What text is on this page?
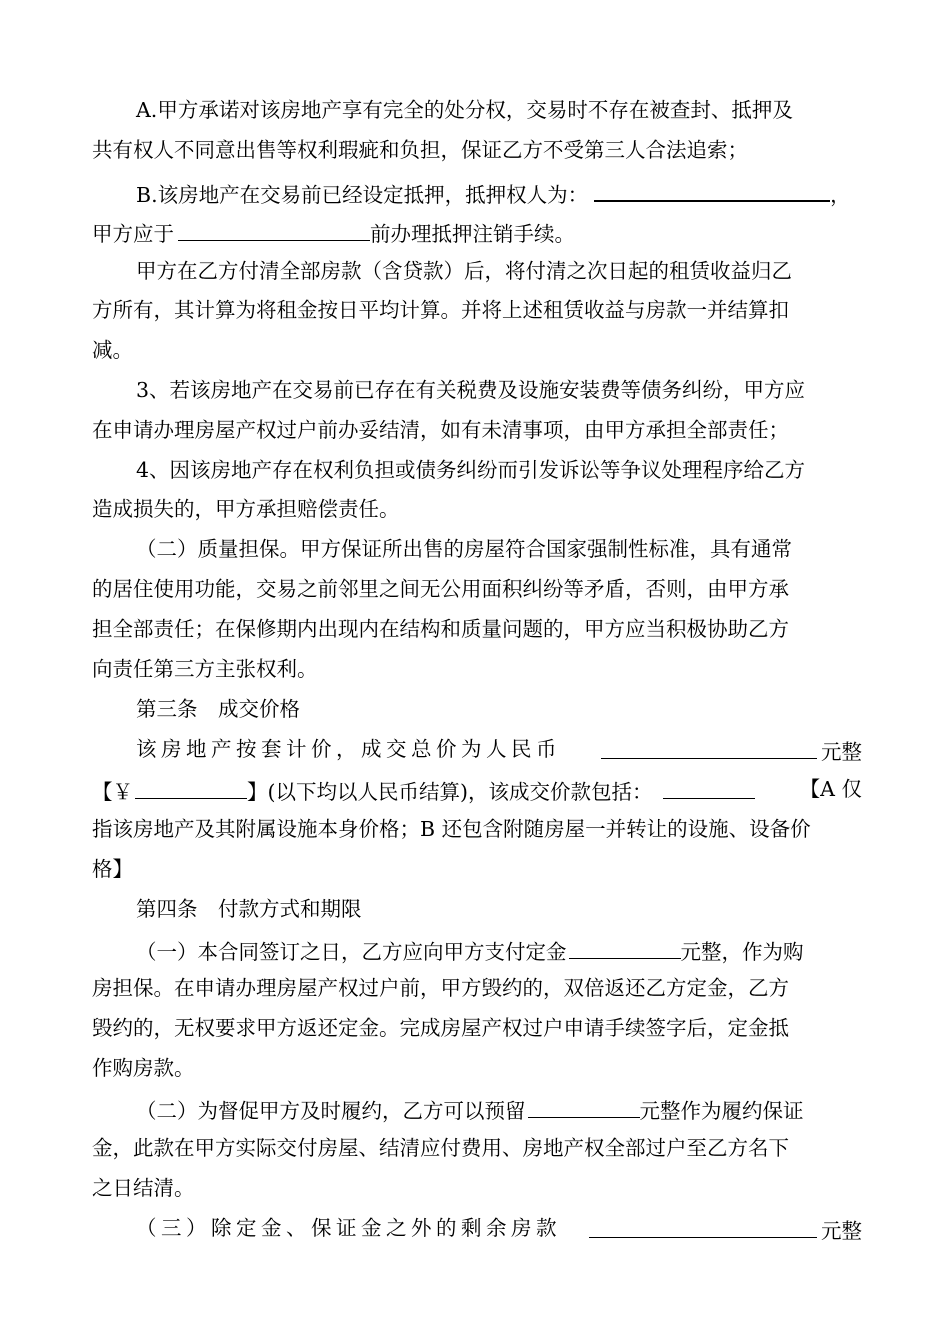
A.甲方承诺对该房地产享有完全的处分权，交易时不存在被查封、抵押及
共有权人不同意出售等权利瑕疵和负担，保证乙方不受第三人合法追索；
B.该房地产在交易前已经设定抵押，抵押权人为：	，
甲方应于	前办理抵押注销手续。
甲方在乙方付清全部房款（含贷款）后，将付清之次日起的租赁收益归乙
方所有，其计算为将租金按日平均计算。并将上述租赁收益与房款一并结算扣
减。
3、若该房地产在交易前已存在有关税费及设施安装费等债务纠纷，甲方应
在申请办理房屋产权过户前办妥结清，如有未清事项，由甲方承担全部责任；
4、因该房地产存在权利负担或债务纠纷而引发诉讼等争议处理程序给乙方
造成损失的，甲方承担赔偿责任。
（二）质量担保。甲方保证所出售的房屋符合国家强制性标准，具有通常
的居住使用功能，交易之前邻里之间无公用面积纠纷等矛盾，否则，由甲方承
担全部责任；在保修期内出现内在结构和质量问题的，甲方应当积极协助乙方
向责任第三方主张权利。
第三条　成交价格
该房地产按套计价，成交总价为人民币	元整
【￥	】(以下均以人民币结算)，该成交价款包括：	【A 仅
指该房地产及其附属设施本身价格；B 还包含附随房屋一并转让的设施、设备价
格】
第四条　付款方式和期限
（一）本合同签订之日，乙方应向甲方支付定金	元整，作为购
房担保。在申请办理房屋产权过户前，甲方毁约的，双倍返还乙方定金，乙方
毁约的，无权要求甲方返还定金。完成房屋产权过户申请手续签字后，定金抵
作购房款。
（二）为督促甲方及时履约，乙方可以预留	元整作为履约保证
金，此款在甲方实际交付房屋、结清应付费用、房地产权全部过户至乙方名下
之日结清。
（三）除定金、保证金之外的剩余房款	元整
